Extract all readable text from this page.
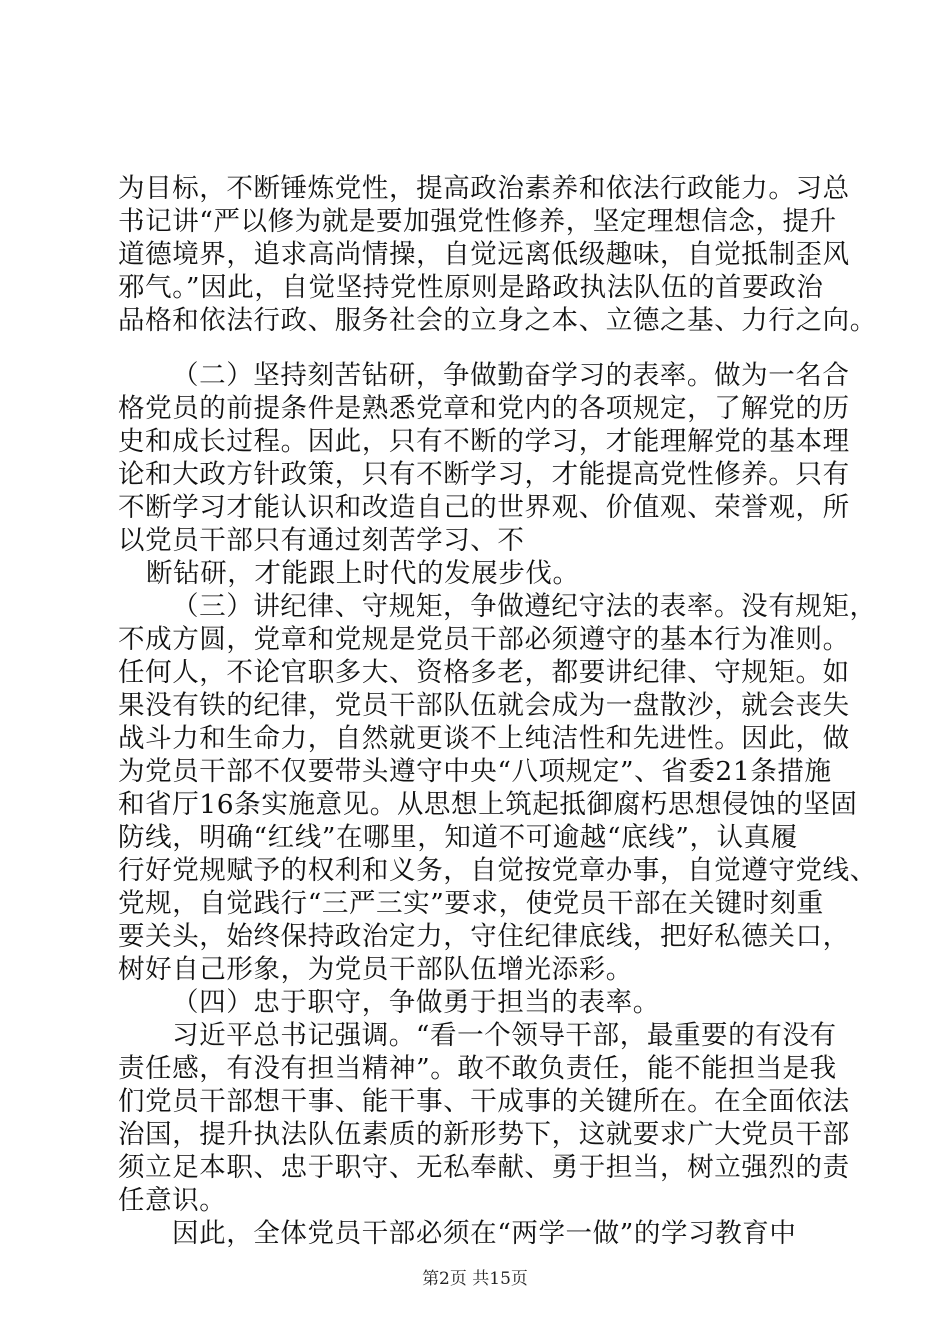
为目标，不断锤炼党性，提高政治素养和依法行政能力。习总
书记讲“严以修为就是要加强党性修养，坚定理想信念，提升
道德境界，追求高尚情操，自觉远离低级趣味，自觉抵制歪风
邪气。”因此，自觉坚持党性原则是路政执法队伍的首要政治
品格和依法行政、服务社会的立身之本、立德之基、力行之向。
（二）坚持刻苦钻研，争做勤奋学习的表率。做为一名合
格党员的前提条件是熟悉党章和党内的各项规定，了解党的历
史和成长过程。因此，只有不断的学习，才能理解党的基本理
论和大政方针政策，只有不断学习，才能提高党性修养。只有
不断学习才能认识和改造自己的世界观、价值观、荣誉观，所
以党员干部只有通过刻苦学习、不
断钻研，才能跟上时代的发展步伐。
（三）讲纪律、守规矩，争做遵纪守法的表率。没有规矩，
不成方圆，党章和党规是党员干部必须遵守的基本行为准则。
任何人，不论官职多大、资格多老，都要讲纪律、守规矩。如
果没有铁的纪律，党员干部队伍就会成为一盘散沙，就会丧失
战斗力和生命力，自然就更谈不上纯洁性和先进性。因此，做
为党员干部不仅要带头遵守中央“八项规定”、省委21条措施
和省厅16条实施意见。从思想上筑起抵御腐朽思想侵蚀的坚固
防线，明确“红线”在哪里，知道不可逾越“底线”，认真履
行好党规赋予的权利和义务，自觉按党章办事，自觉遵守党线、
党规，自觉践行“三严三实”要求，使党员干部在关键时刻重
要关头，始终保持政治定力，守住纪律底线，把好私德关口，
树好自己形象，为党员干部队伍增光添彩。
（四）忠于职守，争做勇于担当的表率。
习近平总书记强调。“看一个领导干部，最重要的有没有
责任感，有没有担当精神”。敢不敢负责任，能不能担当是我
们党员干部想干事、能干事、干成事的关键所在。在全面依法
治国，提升执法队伍素质的新形势下，这就要求广大党员干部
须立足本职、忠于职守、无私奉献、勇于担当，树立强烈的责
任意识。
因此，全体党员干部必须在“两学一做”的学习教育中
第2页 共15页
